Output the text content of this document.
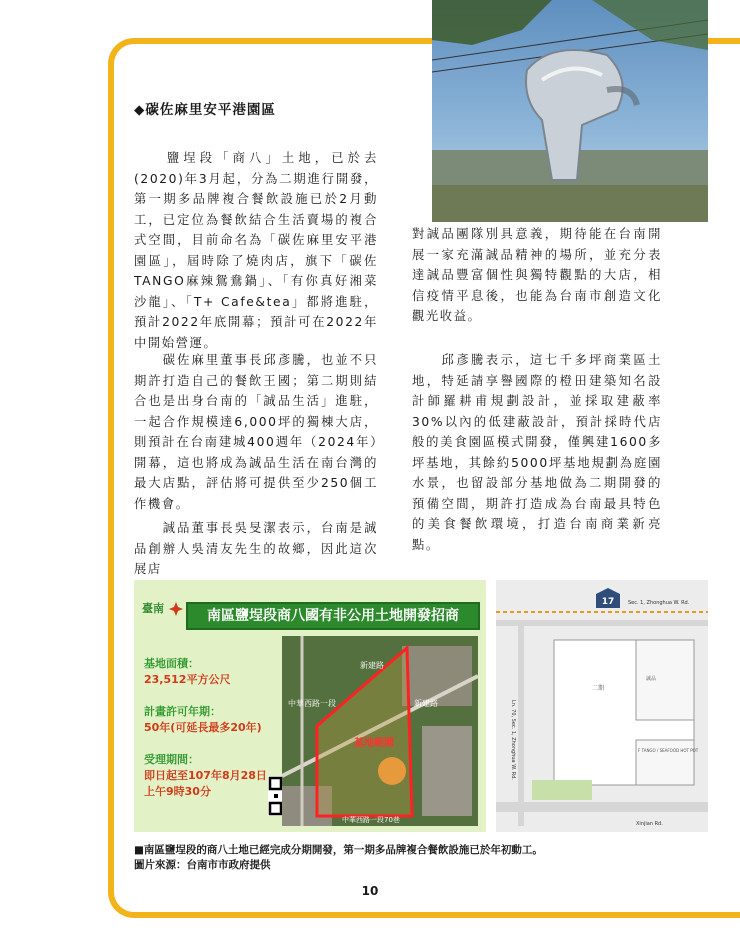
◆碳佐麻里安平港園區

　　鹽埕段「商八」土地，已於去(2020)年3月起，分為二期進行開發，第一期多品牌複合餐飲設施已於2月動工，已定位為餐飲結合生活賣場的複合式空間，目前命名為「碳佐麻里安平港園區」，屆時除了燒肉店，旗下「碳佐TANGO麻辣鴛鴦鍋」、「有你真好湘菜沙龍」、「T+ Cafe&tea」都將進駐，預計2022年底開幕；預計可在2022年中開始營運。

　　碳佐麻里董事長邱彥騰，也並不只期許打造自己的餐飲王國；第二期則結合也是出身台南的「誠品生活」進駐，一起合作規模達6,000坪的獨棟大店，則預計在台南建城400週年（2024年）開幕，這也將成為誠品生活在南台灣的最大店點，評估將可提供至少250個工作機會。

　　誠品董事長吳旻潔表示，台南是誠品創辦人吳清友先生的故鄉，因此這次展店

對誠品團隊別具意義，期待能在台南開展一家充滿誠品精神的場所，並充分表達誠品豐富個性與獨特觀點的大店，相信疫情平息後，也能為台南市創造文化觀光收益。

　　邱彥騰表示，這七千多坪商業區土地，特延請享譽國際的橙田建築知名設計師羅耕甫規劃設計，並採取建蔽率30%以內的低建蔽設計，預計採時代店般的美食園區模式開發，僅興建1600多坪基地，其餘約5000坪基地規劃為庭園水景，也留設部分基地做為二期開發的預備空間，期許打造成為台南最具特色的美食餐飲環境，打造台南商業新亮點。

臺南	南區鹽埕段商八國有非公用土地開發招商
基地面積：
23,512平方公尺
計畫許可年期：
50年(可延長最多20年)
受理期間：
即日起至107年8月28日
上午9時30分
基地範圍
新建路
中華西路一段	新建路
中華西路一段70巷
17	Sec. 1, Zhonghua W. Rd.
Ln. 70, Sec. 1, Zhonghua W. Rd.
Xinjian Rd.
二期
誠品
F TANGO / SEAFOOD HOT POT
■南區鹽埕段的商八土地已經完成分期開發，第一期多品牌複合餐飲設施已於年初動工。
圖片來源：台南市市政府提供
10
